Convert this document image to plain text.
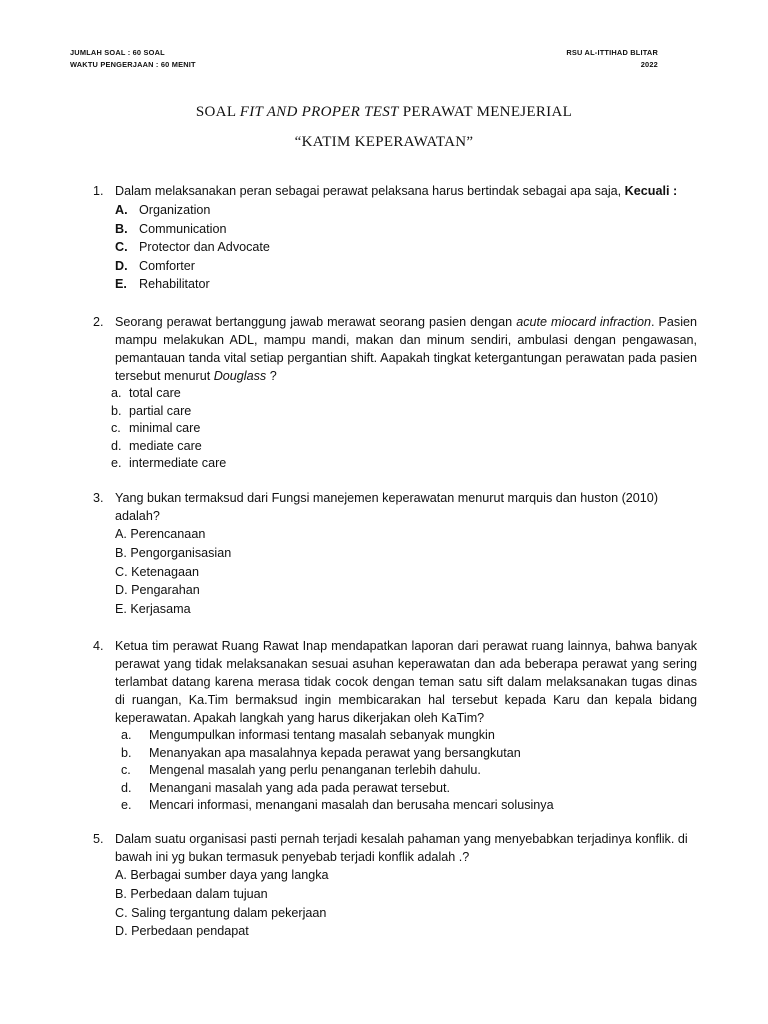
JUMLAH SOAL : 60 SOAL
WAKTU PENGERJAAN : 60 MENIT
RSU AL-ITTIHAD BLITAR
2022
SOAL FIT AND PROPER TEST PERAWAT MENEJERIAL
“KATIM KEPERAWATAN”
1. Dalam melaksanakan peran sebagai perawat pelaksana harus bertindak sebagai apa saja, Kecuali :
A. Organization
B. Communication
C. Protector dan Advocate
D. Comforter
E. Rehabilitator
2. Seorang perawat bertanggung jawab merawat seorang pasien dengan acute miocard infraction. Pasien mampu melakukan ADL, mampu mandi, makan dan minum sendiri, ambulasi dengan pengawasan, pemantauan tanda vital setiap pergantian shift. Aapakah tingkat ketergantungan perawatan pada pasien tersebut menurut Douglass ?
a. total care
b. partial care
c. minimal care
d. mediate care
e. intermediate care
3. Yang bukan termaksud dari Fungsi manejemen keperawatan menurut marquis dan huston (2010) adalah?
A. Perencanaan
B. Pengorganisasian
C. Ketenagaan
D. Pengarahan
E. Kerjasama
4. Ketua tim perawat Ruang Rawat Inap mendapatkan laporan dari perawat ruang lainnya, bahwa banyak perawat yang tidak melaksanakan sesuai asuhan keperawatan dan ada beberapa perawat yang sering terlambat datang karena merasa tidak cocok dengan teman satu sift dalam melaksanakan tugas dinas di ruangan, Ka.Tim bermaksud ingin membicarakan hal tersebut kepada Karu dan kepala bidang keperawatan. Apakah langkah yang harus dikerjakan oleh KaTim?
a.	Mengumpulkan informasi tentang masalah sebanyak mungkin
b.	Menanyakan apa masalahnya kepada perawat yang bersangkutan
c.	Mengenal masalah yang perlu penanganan terlebih dahulu.
d.	Menangani masalah yang ada pada perawat tersebut.
e.	Mencari informasi, menangani masalah dan berusaha mencari solusinya
5. Dalam suatu organisasi pasti pernah terjadi kesalah pahaman yang menyebabkan terjadinya konflik. di bawah ini yg bukan termasuk penyebab terjadi konflik adalah .?
A. Berbagai sumber daya yang langka
B. Perbedaan dalam tujuan
C. Saling tergantung dalam pekerjaan
D. Perbedaan pendapat
